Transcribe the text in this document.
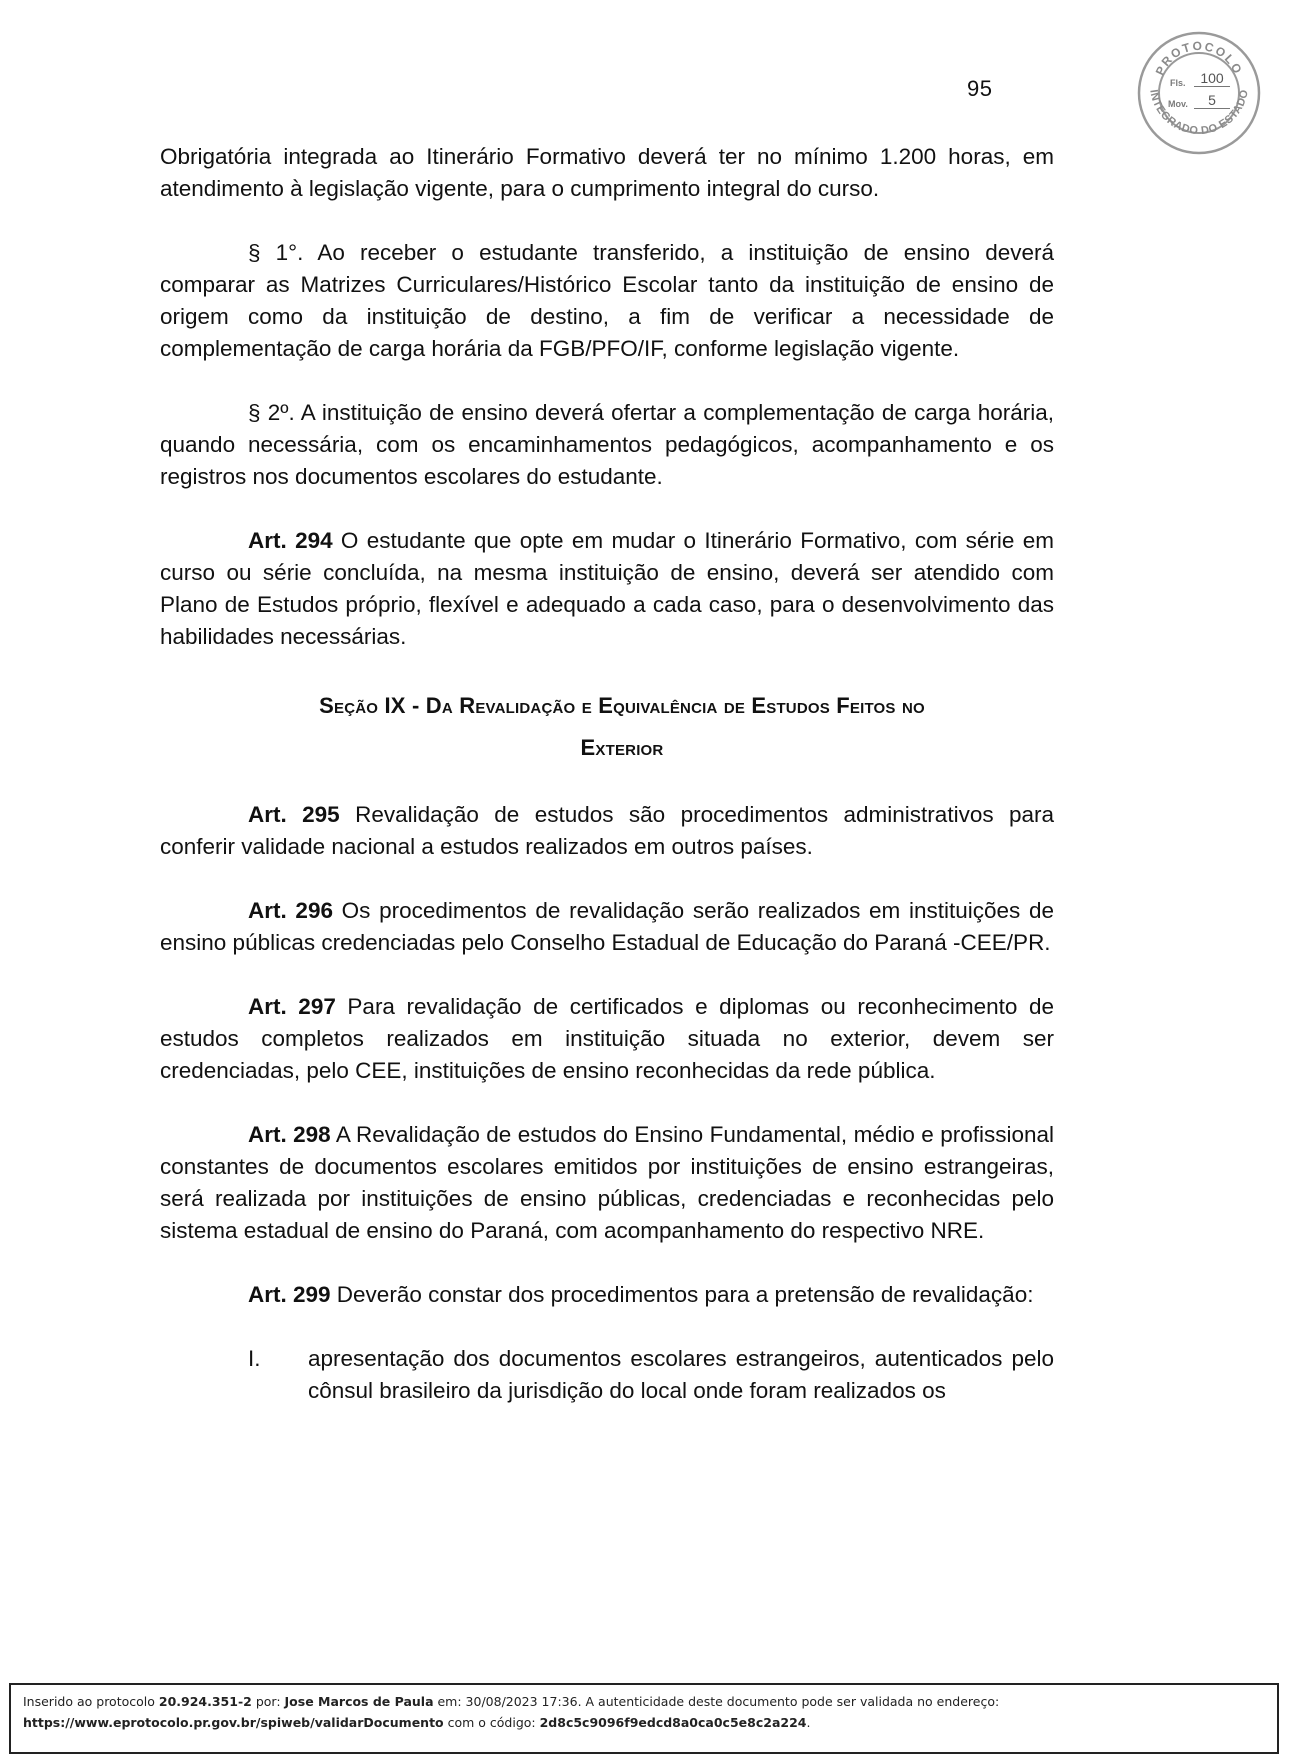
95
PROTOCOLO
INTEGRADO DO ESTADO
Fls.	100
Mov.	5

Obrigatória integrada ao Itinerário Formativo deverá ter no mínimo 1.200 horas, em atendimento à legislação vigente, para o cumprimento integral do curso.

§ 1°. Ao receber o estudante transferido, a instituição de ensino deverá comparar as Matrizes Curriculares/Histórico Escolar tanto da instituição de ensino de origem como da instituição de destino, a fim de verificar a necessidade de complementação de carga horária da FGB/PFO/IF, conforme legislação vigente.

§ 2º. A instituição de ensino deverá ofertar a complementação de carga horária, quando necessária, com os encaminhamentos pedagógicos, acompanhamento e os registros nos documentos escolares do estudante.

Art. 294 O estudante que opte em mudar o Itinerário Formativo, com série em curso ou série concluída, na mesma instituição de ensino, deverá ser atendido com Plano de Estudos próprio, flexível e adequado a cada caso, para o desenvolvimento das habilidades necessárias.

Seção IX - Da Revalidação e Equivalência de Estudos Feitos no
Exterior

Art. 295 Revalidação de estudos são procedimentos administrativos para conferir validade nacional a estudos realizados em outros países.

Art. 296 Os procedimentos de revalidação serão realizados em instituições de ensino públicas credenciadas pelo Conselho Estadual de Educação do Paraná -CEE/PR.

Art. 297 Para revalidação de certificados e diplomas ou reconhecimento de estudos completos realizados em instituição situada no exterior, devem ser credenciadas, pelo CEE, instituições de ensino reconhecidas da rede pública.

Art. 298 A Revalidação de estudos do Ensino Fundamental, médio e profissional constantes de documentos escolares emitidos por instituições de ensino estrangeiras, será realizada por instituições de ensino públicas, credenciadas e reconhecidas pelo sistema estadual de ensino do Paraná, com acompanhamento do respectivo NRE.

Art. 299 Deverão constar dos procedimentos para a pretensão de revalidação:

I. apresentação dos documentos escolares estrangeiros, autenticados pelo cônsul brasileiro da jurisdição do local onde foram realizados os

Inserido ao protocolo 20.924.351-2 por: Jose Marcos de Paula em: 30/08/2023 17:36. A autenticidade deste documento pode ser validada no endereço:
https://www.eprotocolo.pr.gov.br/spiweb/validarDocumento com o código: 2d8c5c9096f9edcd8a0ca0c5e8c2a224.
